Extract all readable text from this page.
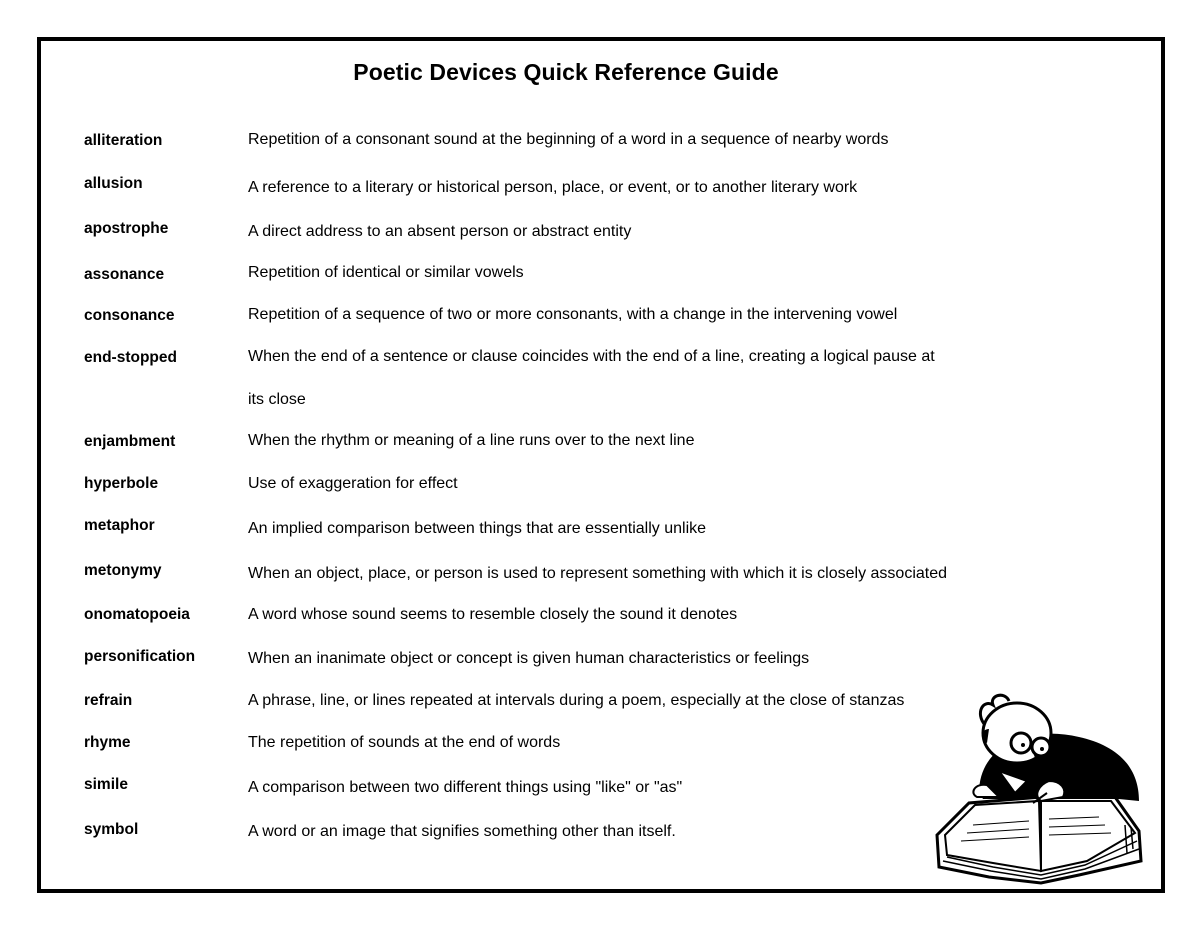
Poetic Devices Quick Reference Guide
alliteration	Repetition of a consonant sound at the beginning of a word in a sequence of nearby words
allusion	A reference to a literary or historical person, place, or event, or to another literary work
apostrophe	A direct address to an absent person or abstract entity
assonance	Repetition of identical or similar vowels
consonance	Repetition of a sequence of two or more consonants, with a change in the intervening vowel
end-stopped	When the end of a sentence or clause coincides with the end of a line, creating a logical pause at
its close
enjambment	When the rhythm or meaning of a line runs over to the next line
hyperbole	Use of exaggeration for effect
metaphor	An implied comparison between things that are essentially unlike
metonymy	When an object, place, or person is used to represent something with which it is closely associated
onomatopoeia	A word whose sound seems to resemble closely the sound it denotes
personification	When an inanimate object or concept is given human characteristics or feelings
refrain	A phrase, line, or lines repeated at intervals during a poem, especially at the close of stanzas
rhyme	The repetition of sounds at the end of words
simile	A comparison between two different things using "like" or "as"
symbol	A word or an image that signifies something other than itself.
